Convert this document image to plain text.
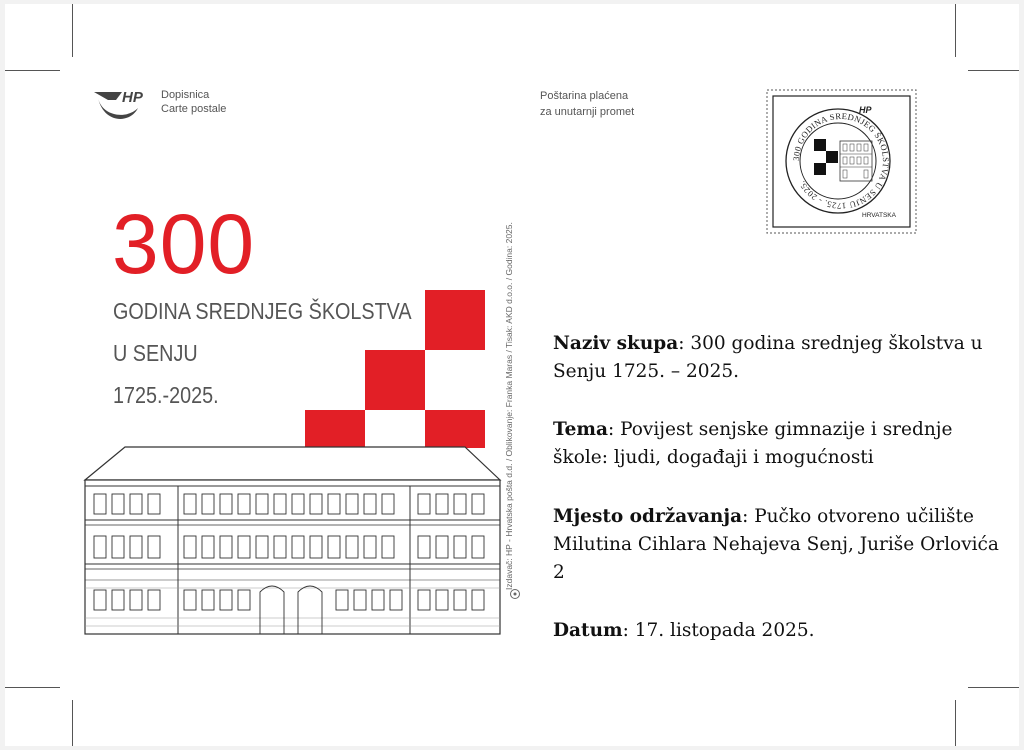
HP Dopisnica
Carte postale
Poštarina plaćena
za unutarnji promet
300 GODINA SREDNJEG ŠKOLSTVA U SENJU 1725. - 2025.
HP
HRVATSKA
300
GODINA SREDNJEG ŠKOLSTVA
U SENJU
1725.-2025.	Izdavač: HP - Hrvatska pošta d.d. / Oblikovanje: Franka Maras / Tisak: AKD d.o.o. / Godina: 2025. Naziv skupa: 300 godina srednjeg školstva u Senju 1725. – 2025.
Tema: Povijest senjske gimnazije i srednje škole: ljudi, događaji i mogućnosti
Mjesto održavanja: Pučko otvoreno učilište Milutina Cihlara Nehajeva Senj, Juriše Orlovića 2
Datum: 17. listopada 2025.
